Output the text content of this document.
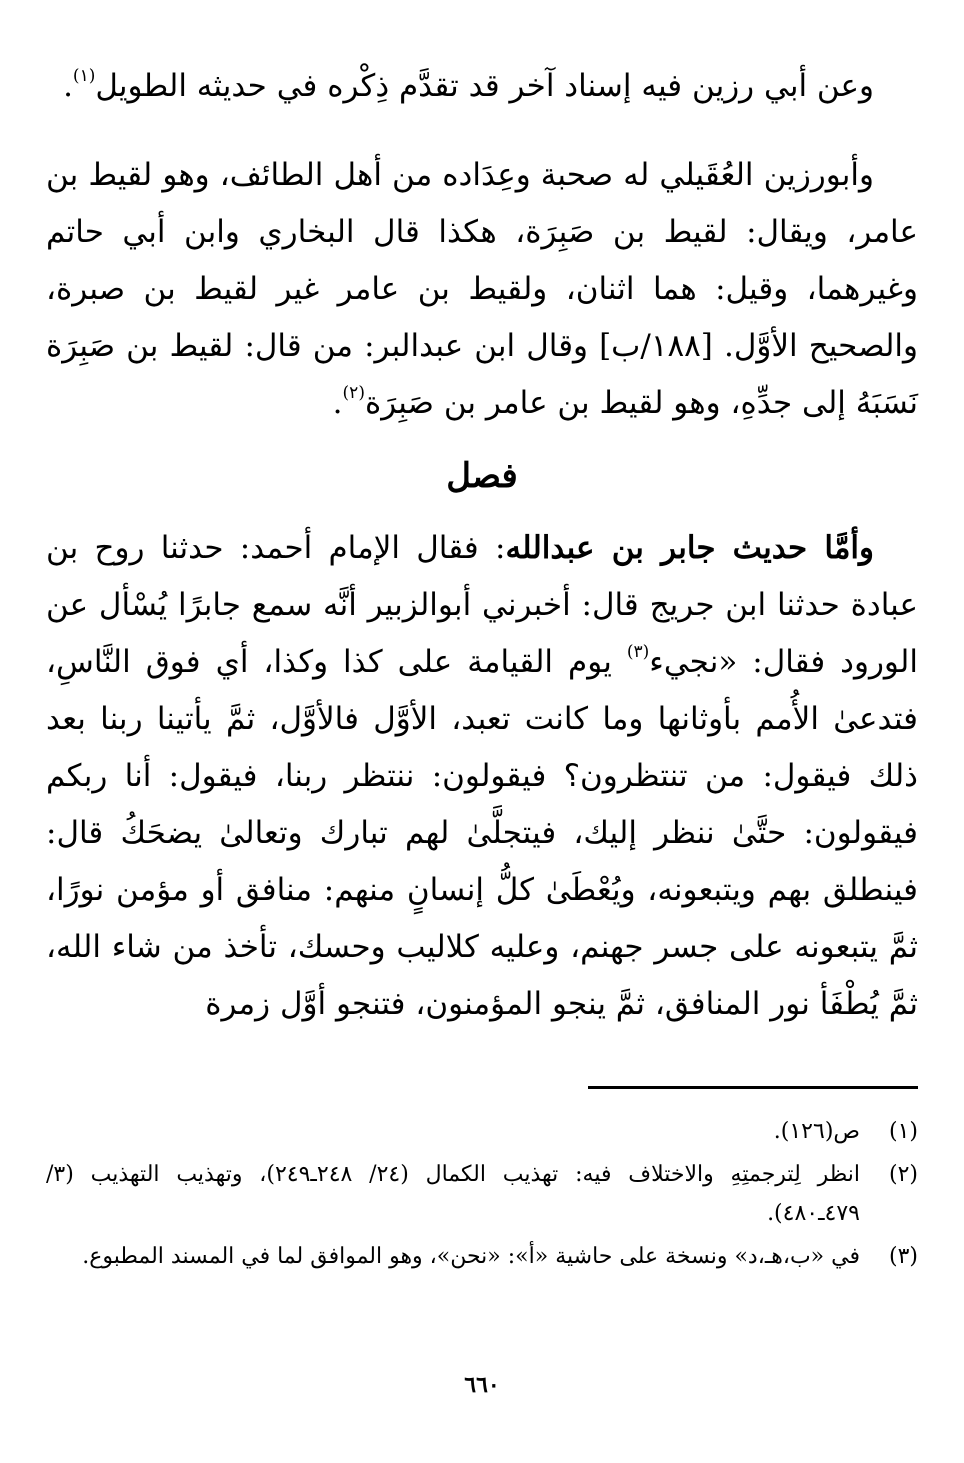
وعن أبي رزين فيه إسناد آخر قد تقدَّم ذِكْره في حديثه الطويل$^{(١)}$.

وأبورزين العُقَيلي له صحبة وعِدَاده من أهل الطائف، وهو لقيط بن عامر، ويقال: لقيط بن صَبِرَة، هكذا قال البخاري وابن أبي حاتم وغيرهما، وقيل: هما اثنان، ولقيط بن عامر غير لقيط بن صبرة، والصحيح الأوَّل. [١٨٨/ب] وقال ابن عبدالبر: من قال: لقيط بن صَبِرَة نَسَبَهُ إلى جدِّهِ، وهو لقيط بن عامر بن صَبِرَة$^{(٢)}$.

فصل

وأمَّا حديث جابر بن عبدالله: فقال الإمام أحمد: حدثنا روح بن عبادة حدثنا ابن جريج قال: أخبرني أبوالزبير أنَّه سمع جابرًا يُسْأل عن الورود فقال: «نجيء$^{(٣)}$ يوم القيامة على كذا وكذا، أي فوق النَّاسِ، فتدعىٰ الأُمم بأوثانها وما كانت تعبد، الأوَّل فالأوَّل، ثمَّ يأتينا ربنا بعد ذلك فيقول: من تنتظرون؟ فيقولون: ننتظر ربنا، فيقول: أنا ربكم فيقولون: حتَّىٰ ننظر إليك، فيتجلَّىٰ لهم تبارك وتعالىٰ يضحَكُ قال: فينطلق بهم ويتبعونه، ويُعْطَىٰ كلُّ إنسانٍ منهم: منافق أو مؤمن نورًا، ثمَّ يتبعونه على جسر جهنم، وعليه كلاليب وحسك، تأخذ من شاء الله، ثمَّ يُطْفَأ نور المنافق، ثمَّ ينجو المؤمنون، فتنجو أوَّل زمرة

(١)
ص(١٢٦).
(٢)
انظر لِترجمتِهِ والاختلاف فيه: تهذيب الكمال (٢٤/ ٢٤٨ـ٢٤٩)، وتهذيب التهذيب (٣/ ٤٧٩ـ٤٨٠).
(٣)
في «ب،هـ،د» ونسخة على حاشية «أ»: «نحن»، وهو الموافق لما في المسند المطبوع.
٦٦٠
